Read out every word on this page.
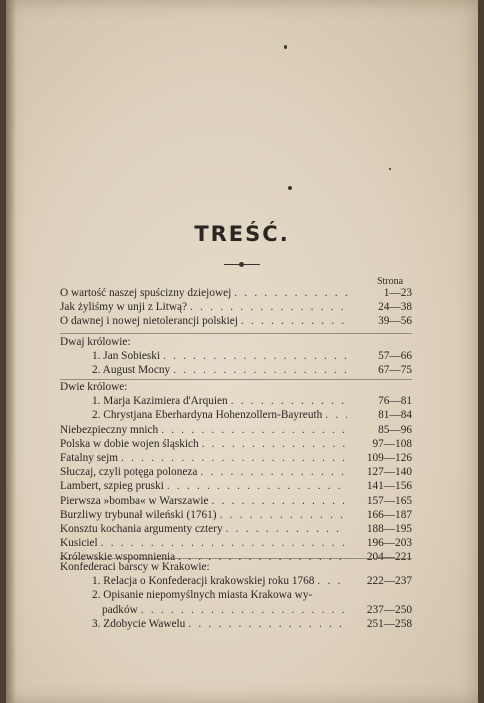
TREŚĆ.
Strona
O wartość naszej spuścizny dziejowej . . .	1—23
Jak żyliśmy w unji z Litwą? . . .	24—38
O dawnej i nowej nietolerancji polskiej . . .	39—56
Dwaj królowie:
1. Jan Sobieski . . .	57—66
2. August Mocny . . .	67—75
Dwie królowe:
1. Marja Kazimiera d'Arquien . . .	76—81
2. Chrystjana Eberhardyna Hohenzollern-Bayreuth . . .	81—84
Niebezpieczny mnich . . .	85—96
Polska w dobie wojen śląskich . . .	97—108
Fatalny sejm . . .	109—126
Słuczaj, czyli potęga poloneza . . .	127—140
Lambert, szpieg pruski . . .	141—156
Pierwsza »bomba« w Warszawie . . .	157—165
Burzliwy trybunał wileński (1761) . . .	166—187
Konsztu kochania argumenty cztery . . .	188—195
Kusiciel . . .	196—203
Królewskie wspomnienia . . .	204—221
Konfederaci barscy w Krakowie:
1. Relacja o Konfederacji krakowskiej roku 1768 . . .	222—237
2. Opisanie niepomyślnych miasta Krakowa wy-
padków . . .	237—250
3. Zdobycie Wawelu . . .	251—258
